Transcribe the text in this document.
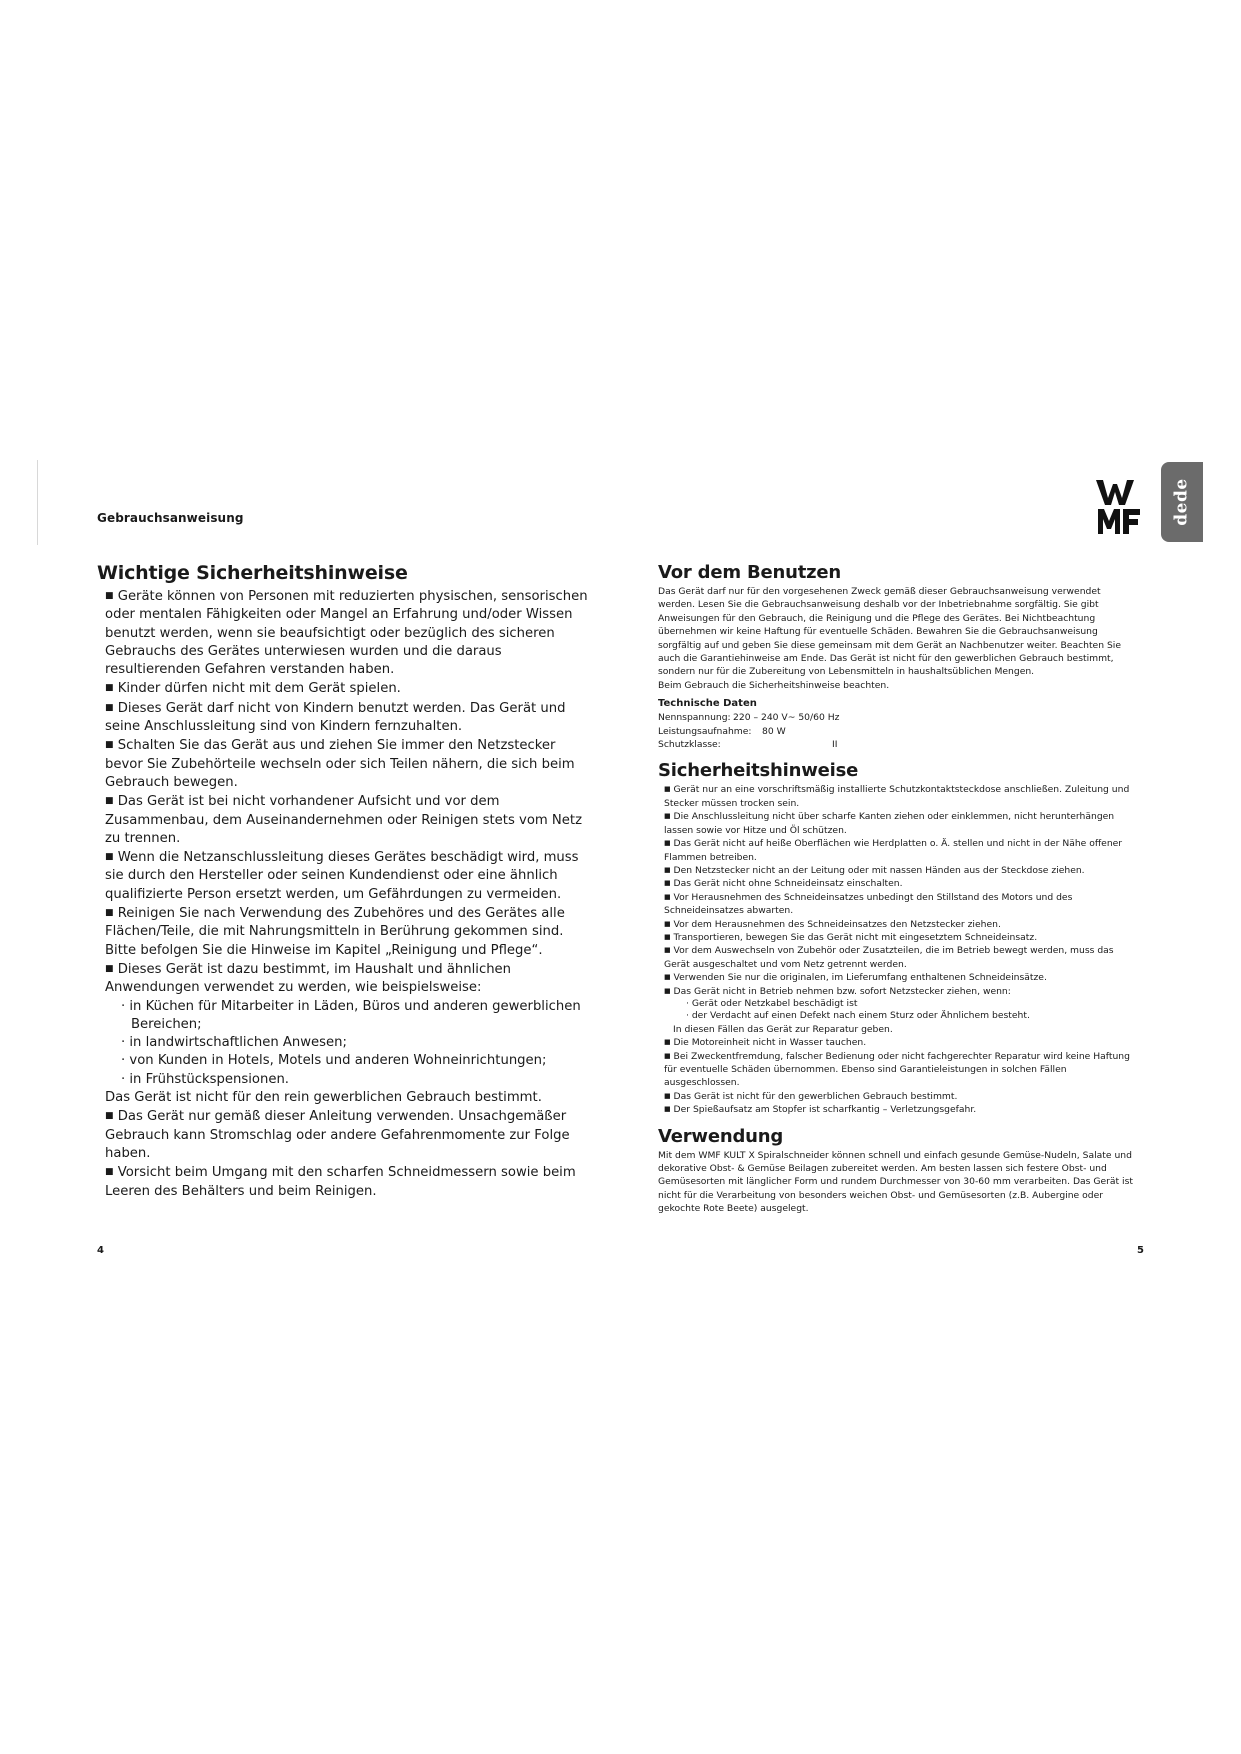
Gebrauchsanweisung	dede
Wichtige Sicherheitshinweise
■ Geräte können von Personen mit reduzierten physischen, sensorischen oder mentalen Fähigkeiten oder Mangel an Erfahrung und/oder Wissen benutzt werden, wenn sie beaufsichtigt oder bezüglich des sicheren Gebrauchs des Gerätes unterwiesen wurden und die daraus resultierenden Gefahren verstanden haben.
■ Kinder dürfen nicht mit dem Gerät spielen.
■ Dieses Gerät darf nicht von Kindern benutzt werden. Das Gerät und seine Anschlussleitung sind von Kindern fernzuhalten.
■ Schalten Sie das Gerät aus und ziehen Sie immer den Netzstecker bevor Sie Zubehörteile wechseln oder sich Teilen nähern, die sich beim Gebrauch bewegen.
■ Das Gerät ist bei nicht vorhandener Aufsicht und vor dem Zusammenbau, dem Auseinandernehmen oder Reinigen stets vom Netz zu trennen.
■ Wenn die Netzanschlussleitung dieses Gerätes beschädigt wird, muss sie durch den Hersteller oder seinen Kundendienst oder eine ähnlich qualifizierte Person ersetzt werden, um Gefährdungen zu vermeiden.
■ Reinigen Sie nach Verwendung des Zubehöres und des Gerätes alle Flächen/Teile, die mit Nahrungsmitteln in Berührung gekommen sind. Bitte befolgen Sie die Hinweise im Kapitel „Reinigung und Pflege“.
■ Dieses Gerät ist dazu bestimmt, im Haushalt und ähnlichen Anwendungen verwendet zu werden, wie beispielsweise:
· in Küchen für Mitarbeiter in Läden, Büros und anderen gewerblichen Bereichen;
· in landwirtschaftlichen Anwesen;
· von Kunden in Hotels, Motels und anderen Wohneinrichtungen;
· in Frühstückspensionen.
Das Gerät ist nicht für den rein gewerblichen Gebrauch bestimmt.
■ Das Gerät nur gemäß dieser Anleitung verwenden. Unsachgemäßer Gebrauch kann Stromschlag oder andere Gefahrenmomente zur Folge haben.
■ Vorsicht beim Umgang mit den scharfen Schneidmessern sowie beim Leeren des Behälters und beim Reinigen.
Vor dem Benutzen
Das Gerät darf nur für den vorgesehenen Zweck gemäß dieser Gebrauchsanweisung verwendet werden. Lesen Sie die Gebrauchsanweisung deshalb vor der Inbetriebnahme sorgfältig. Sie gibt Anweisungen für den Gebrauch, die Reinigung und die Pflege des Gerätes. Bei Nichtbeachtung übernehmen wir keine Haftung für eventuelle Schäden. Bewahren Sie die Gebrauchsanweisung sorgfältig auf und geben Sie diese gemeinsam mit dem Gerät an Nachbenutzer weiter. Beachten Sie auch die Garantiehinweise am Ende. Das Gerät ist nicht für den gewerblichen Gebrauch bestimmt, sondern nur für die Zubereitung von Lebensmitteln in haushaltsüblichen Mengen.
Beim Gebrauch die Sicherheitshinweise beachten.
Technische Daten
Nennspannung: 220 – 240 V~ 50/60 Hz
Leistungsaufnahme:	80 W
Schutzklasse:	II
Sicherheitshinweise
■ Gerät nur an eine vorschriftsmäßig installierte Schutzkontaktsteckdose anschließen. Zuleitung und Stecker müssen trocken sein.
■ Die Anschlussleitung nicht über scharfe Kanten ziehen oder einklemmen, nicht herunterhängen lassen sowie vor Hitze und Öl schützen.
■ Das Gerät nicht auf heiße Oberflächen wie Herdplatten o. Ä. stellen und nicht in der Nähe offener Flammen betreiben.
■ Den Netzstecker nicht an der Leitung oder mit nassen Händen aus der Steckdose ziehen.
■ Das Gerät nicht ohne Schneideinsatz einschalten.
■ Vor Herausnehmen des Schneideinsatzes unbedingt den Stillstand des Motors und des Schneideinsatzes abwarten.
■ Vor dem Herausnehmen des Schneideinsatzes den Netzstecker ziehen.
■ Transportieren, bewegen Sie das Gerät nicht mit eingesetztem Schneideinsatz.
■ Vor dem Auswechseln von Zubehör oder Zusatzteilen, die im Betrieb bewegt werden, muss das Gerät ausgeschaltet und vom Netz getrennt werden.
■ Verwenden Sie nur die originalen, im Lieferumfang enthaltenen Schneideinsätze.
■ Das Gerät nicht in Betrieb nehmen bzw. sofort Netzstecker ziehen, wenn:
· Gerät oder Netzkabel beschädigt ist
· der Verdacht auf einen Defekt nach einem Sturz oder Ähnlichem besteht.
In diesen Fällen das Gerät zur Reparatur geben.
■ Die Motoreinheit nicht in Wasser tauchen.
■ Bei Zweckentfremdung, falscher Bedienung oder nicht fachgerechter Reparatur wird keine Haftung für eventuelle Schäden übernommen. Ebenso sind Garantieleistungen in solchen Fällen ausgeschlossen.
■ Das Gerät ist nicht für den gewerblichen Gebrauch bestimmt.
■ Der Spießaufsatz am Stopfer ist scharfkantig – Verletzungsgefahr.
Verwendung
Mit dem WMF KULT X Spiralschneider können schnell und einfach gesunde Gemüse-Nudeln, Salate und dekorative Obst- & Gemüse Beilagen zubereitet werden. Am besten lassen sich festere Obst- und Gemüsesorten mit länglicher Form und rundem Durchmesser von 30-60 mm verarbeiten. Das Gerät ist nicht für die Verarbeitung von besonders weichen Obst- und Gemüsesorten (z.B. Aubergine oder gekochte Rote Beete) ausgelegt.
4	5
